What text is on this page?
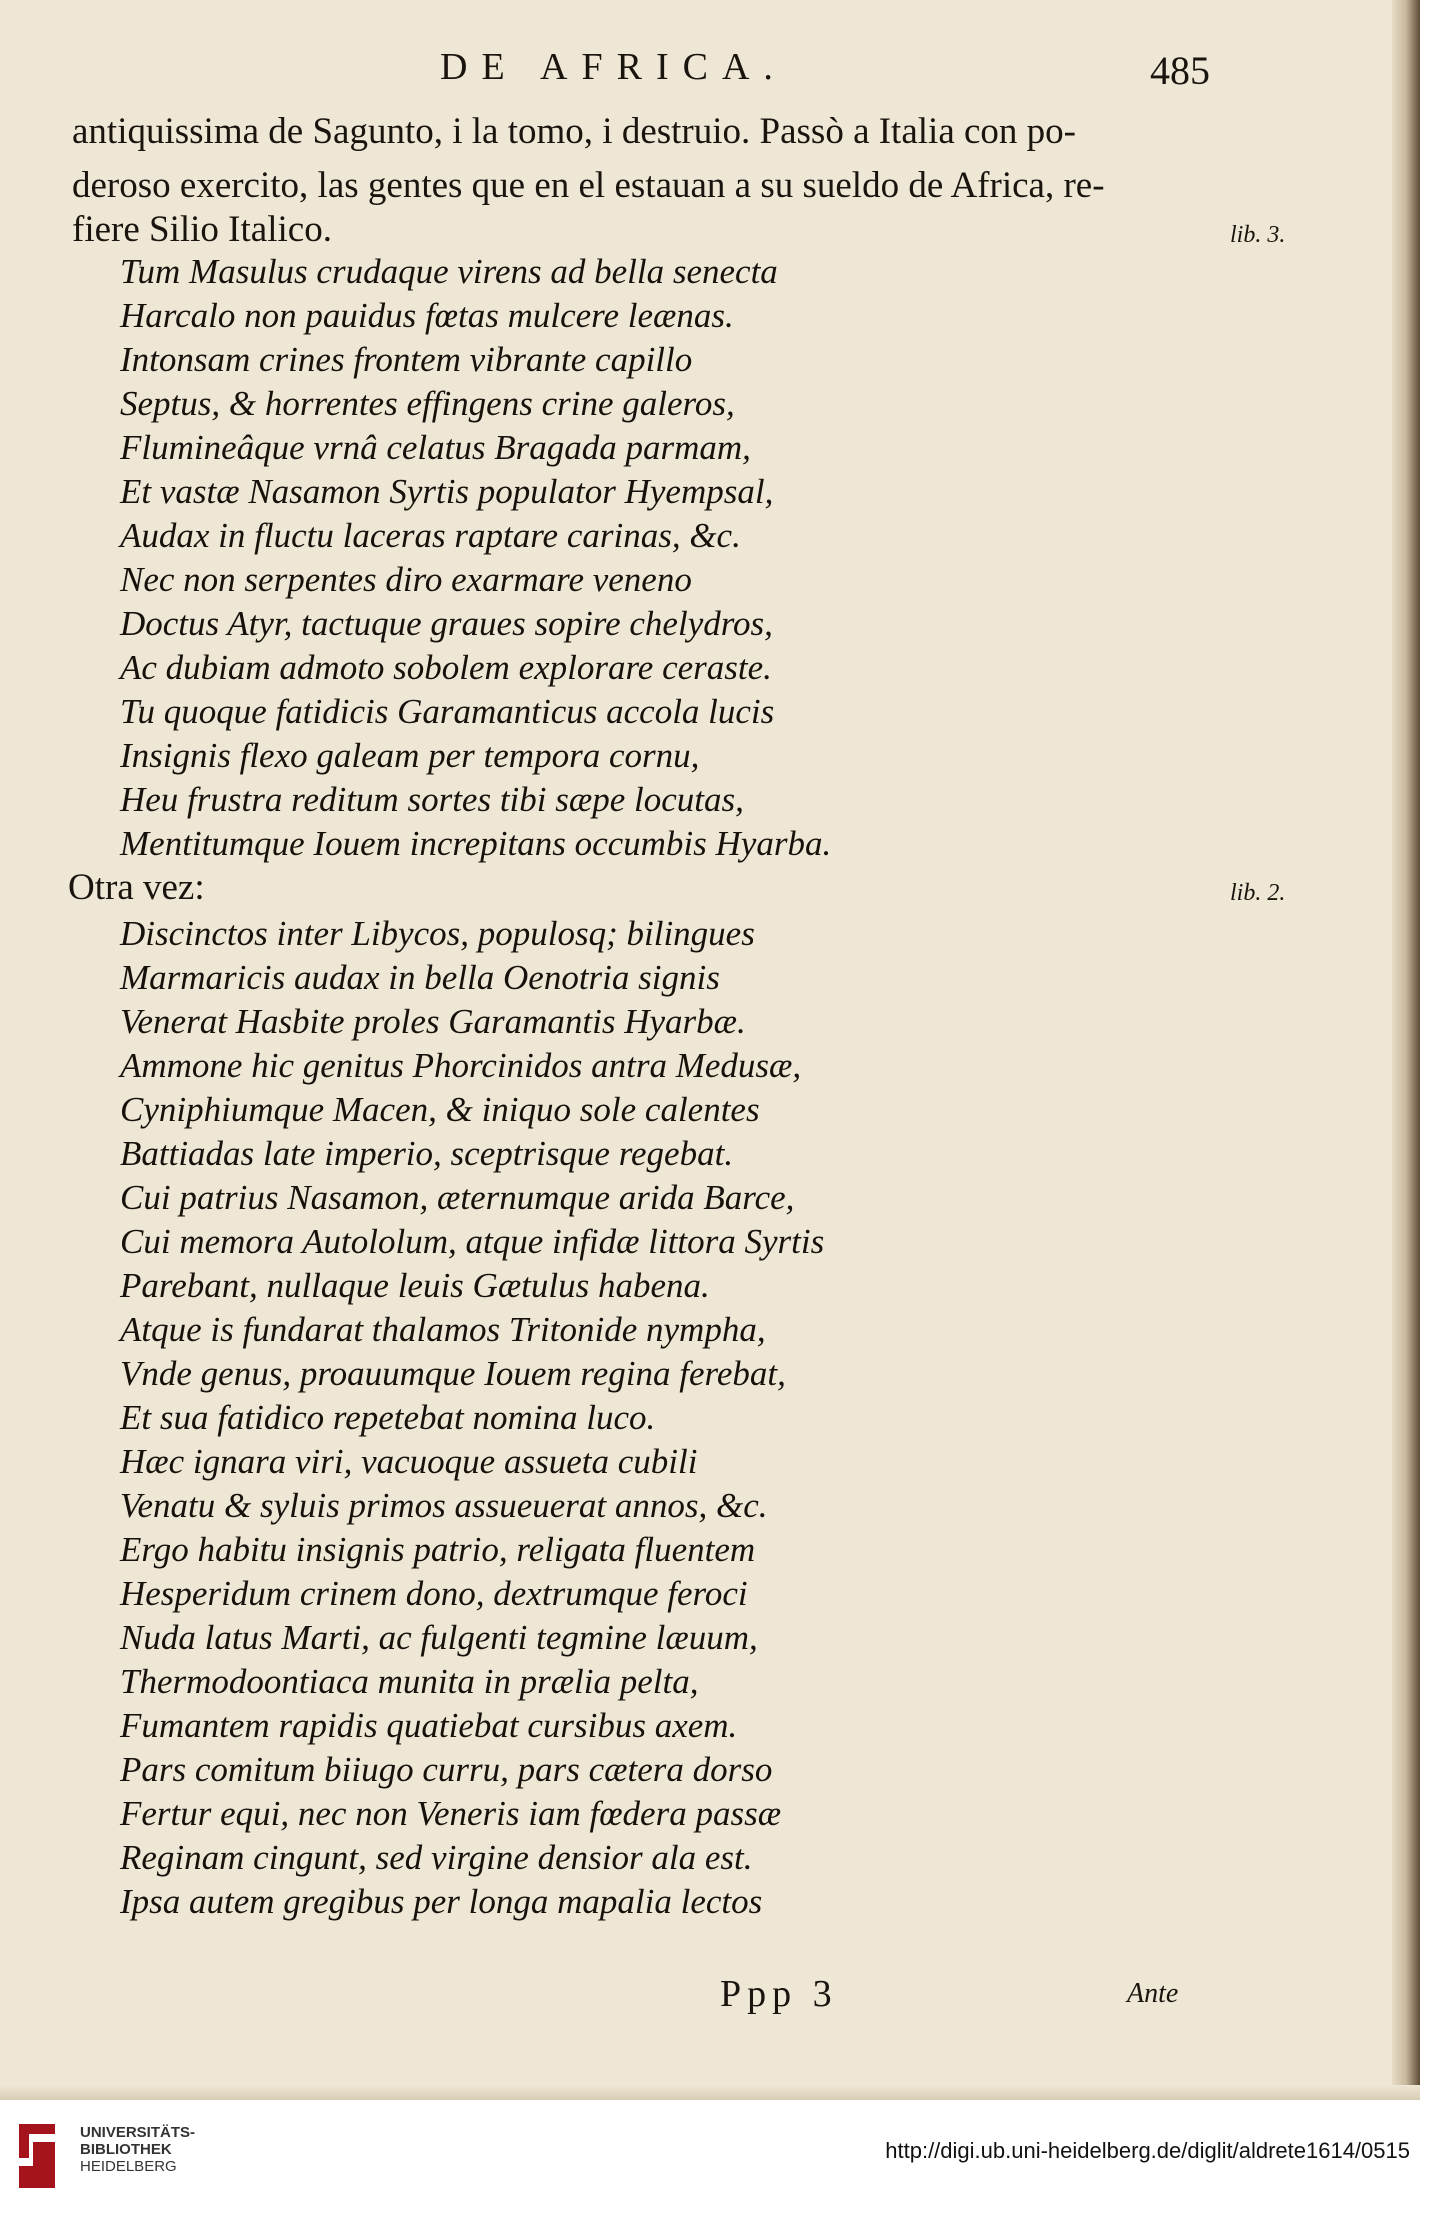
DE AFRICA.	485
antiquissima de Sagunto, i la tomo, i destruio. Passò a Italia con po-
deroso exercito, las gentes que en el estauan a su sueldo de Africa, re-
fiere Silio Italico.	lib. 3.
Tum Masulus crudaque virens ad bella senecta
Harcalo non pauidus fœtas mulcere leænas.
Intonsam crines frontem vibrante capillo
Septus, & horrentes effingens crine galeros,
Flumineâque vrnâ celatus Bragada parmam,
Et vastæ Nasamon Syrtis populator Hyempsal,
Audax in fluctu laceras raptare carinas, &c.
Nec non serpentes diro exarmare veneno
Doctus Atyr, tactuque graues sopire chelydros,
Ac dubiam admoto sobolem explorare ceraste.
Tu quoque fatidicis Garamanticus accola lucis
Insignis flexo galeam per tempora cornu,
Heu frustra reditum sortes tibi sæpe locutas,
Mentitumque Iouem increpitans occumbis Hyarba.
Otra vez:	lib. 2.
Discinctos inter Libycos, populosq; bilingues
Marmaricis audax in bella Oenotria signis
Venerat Hasbite proles Garamantis Hyarbæ.
Ammone hic genitus Phorcinidos antra Medusæ,
Cyniphiumque Macen, & iniquo sole calentes
Battiadas late imperio, sceptrisque regebat.
Cui patrius Nasamon, æternumque arida Barce,
Cui memora Autololum, atque infidæ littora Syrtis
Parebant, nullaque leuis Gætulus habena.
Atque is fundarat thalamos Tritonide nympha,
Vnde genus, proauumque Iouem regina ferebat,
Et sua fatidico repetebat nomina luco.
Hæc ignara viri, vacuoque assueta cubili
Venatu & syluis primos assueuerat annos, &c.
Ergo habitu insignis patrio, religata fluentem
Hesperidum crinem dono, dextrumque feroci
Nuda latus Marti, ac fulgenti tegmine læuum,
Thermodoontiaca munita in prælia pelta,
Fumantem rapidis quatiebat cursibus axem.
Pars comitum biiugo curru, pars cætera dorso
Fertur equi, nec non Veneris iam fœdera passæ
Reginam cingunt, sed virgine densior ala est.
Ipsa autem gregibus per longa mapalia lectos
Ppp 3	Ante
UNIVERSITÄTS-
BIBLIOTHEK
HEIDELBERG
http://digi.ub.uni-heidelberg.de/diglit/aldrete1614/0515
